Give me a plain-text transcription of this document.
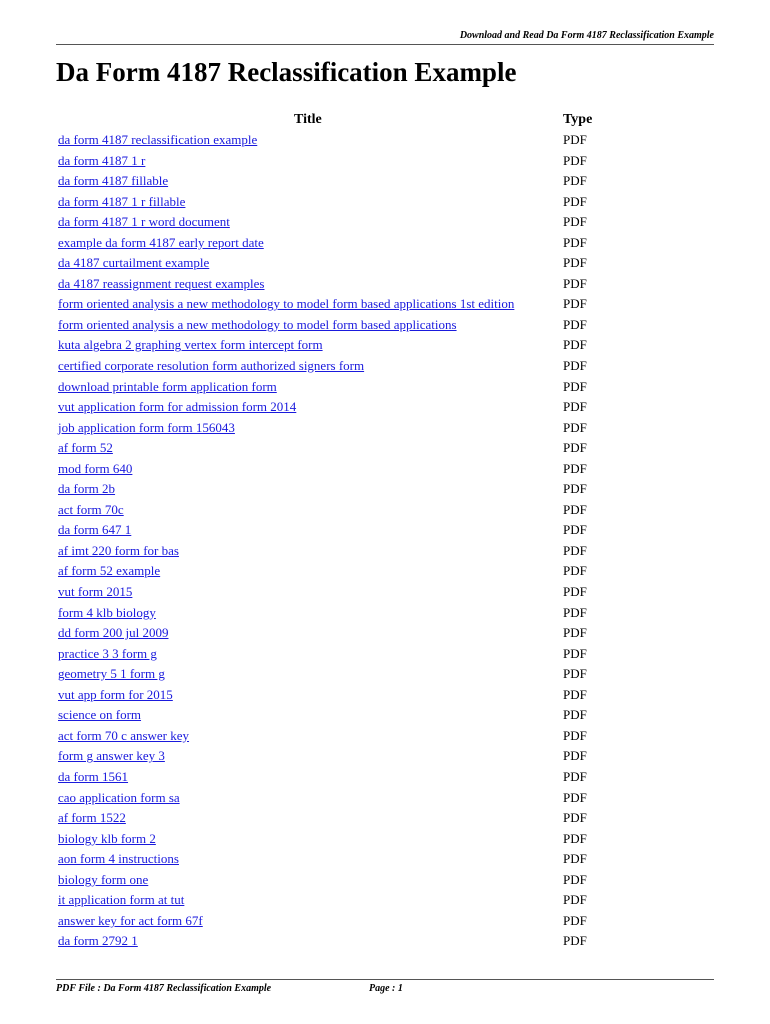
Download and Read Da Form 4187 Reclassification Example
Da Form 4187 Reclassification Example
Title	Type
da form 4187 reclassification example	PDF
da form 4187 1 r	PDF
da form 4187 fillable	PDF
da form 4187 1 r fillable	PDF
da form 4187 1 r word document	PDF
example da form 4187 early report date	PDF
da 4187 curtailment example	PDF
da 4187 reassignment request examples	PDF
form oriented analysis a new methodology to model form based applications 1st edition	PDF
form oriented analysis a new methodology to model form based applications	PDF
kuta algebra 2 graphing vertex form intercept form	PDF
certified corporate resolution form authorized signers form	PDF
download printable form application form	PDF
vut application form for admission form 2014	PDF
job application form form 156043	PDF
af form 52	PDF
mod form 640	PDF
da form 2b	PDF
act form 70c	PDF
da form 647 1	PDF
af imt 220 form for bas	PDF
af form 52 example	PDF
vut form 2015	PDF
form 4 klb biology	PDF
dd form 200 jul 2009	PDF
practice 3 3 form g	PDF
geometry 5 1 form g	PDF
vut app form for 2015	PDF
science on form	PDF
act form 70 c answer key	PDF
form g answer key 3	PDF
da form 1561	PDF
cao application form sa	PDF
af form 1522	PDF
biology klb form 2	PDF
aon form 4 instructions	PDF
biology form one	PDF
it application form at tut	PDF
answer key for act form 67f	PDF
da form 2792 1	PDF
PDF File : Da Form 4187 Reclassification Example	Page : 1
